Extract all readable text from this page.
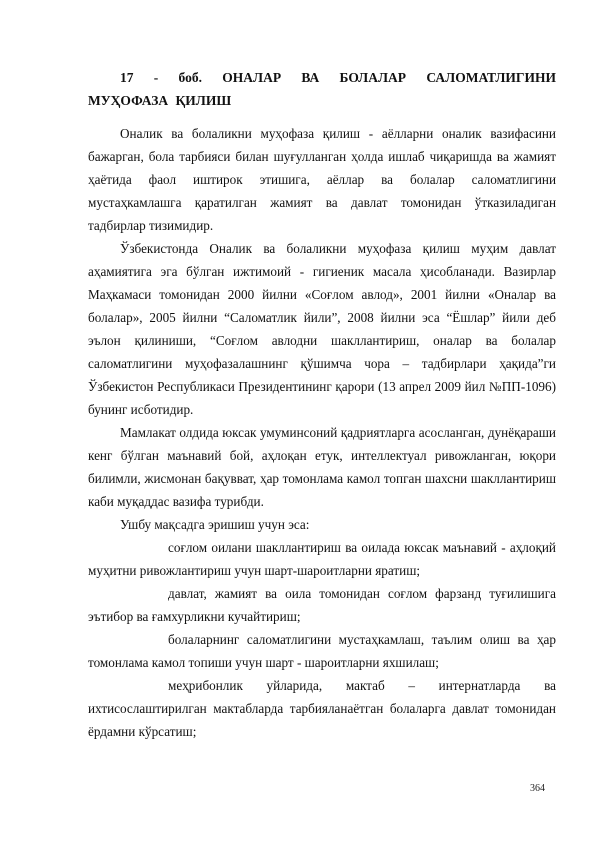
17 - боб. ОНАЛАР ВА БОЛАЛАР САЛОМАТЛИГИНИ МУҲОФАЗА ҚИЛИШ

Оналик ва болаликни муҳофаза қилиш - аёлларни оналик вазифасини бажарган, бола тарбияси билан шуғулланган ҳолда ишлаб чиқаришда ва жамият ҳаётида фаол иштирок этишига, аёллар ва болалар саломатлигини мустаҳкамлашга қаратилган жамият ва давлат томонидан ўтказиладиган тадбирлар тизимидир.

Ўзбекистонда Оналик ва болаликни муҳофаза қилиш муҳим давлат аҳамиятига эга бўлган ижтимоий - гигиеник масала ҳисобланади. Вазирлар Маҳкамаси томонидан 2000 йилни «Соғлом авлод», 2001 йилни «Оналар ва болалар», 2005 йилни “Саломатлик йили”, 2008 йилни эса “Ёшлар” йили деб эълон қилиниши, “Соғлом авлодни шакллантириш, оналар ва болалар саломатлигини муҳофазалашнинг қўшимча чора – тадбирлари ҳақида”ги Ўзбекистон Республикаси Президентининг қарори (13 апрел 2009 йил №ПП-1096) бунинг исботидир.

Мамлакат олдида юксак умуминсоний қадриятларга асосланган, дунёқараши кенг бўлган маънавий бой, аҳлоқан етук, интеллектуал ривожланган, юқори билимли, жисмонан бақувват, ҳар томонлама камол топган шахсни шакллантириш каби муқаддас вазифа турибди.

Ушбу мақсадга эришиш учун эса:

соғлом оилани шакллантириш ва оилада юксак маънавий - аҳлоқий муҳитни ривожлантириш учун шарт-шароитларни яратиш;

давлат, жамият ва оила томонидан соғлом фарзанд туғилишига эътибор ва ғамхурликни кучайтириш;

болаларнинг саломатлигини мустаҳкамлаш, таълим олиш ва ҳар томонлама камол топиши учун шарт - шароитларни яхшилаш;

меҳрибонлик уйларида, мактаб – интернатларда ва ихтисослаштирилган мактабларда тарбияланаётган болаларга давлат томонидан ёрдамни кўрсатиш;

364
